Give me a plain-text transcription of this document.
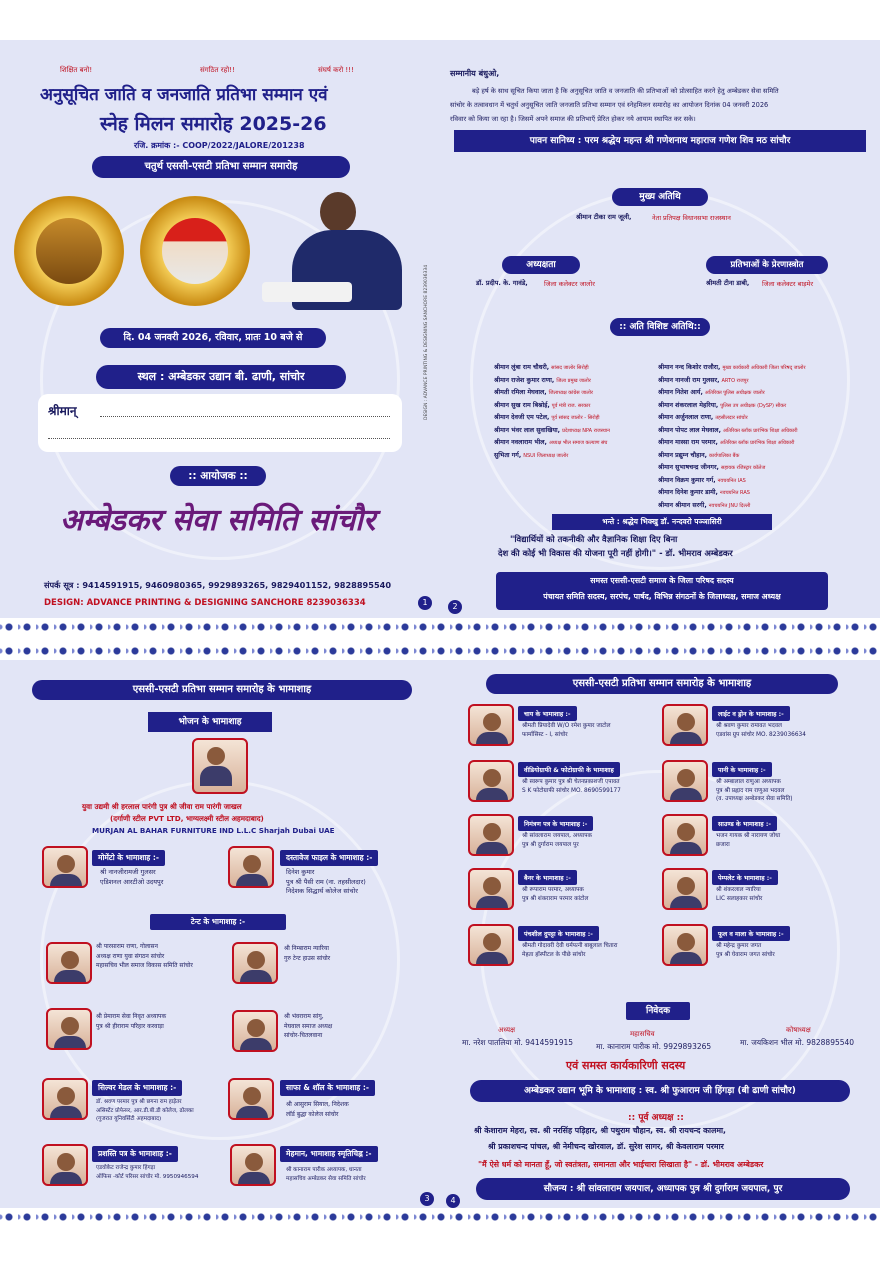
शिक्षित बनो!	संगठित रहो!!	संघर्ष करो !!!
अनुसूचित जाति व जनजाति प्रतिभा सम्मान एवं
स्नेह मिलन समारोह 2025-26
रजि. क्रमांक :- COOP/2022/JALORE/201238
चतुर्थ एससी-एसटी प्रतिभा सम्मान समारोह
दि. 04 जनवरी 2026, रविवार, प्रातः 10 बजे से
स्थल : अम्बेडकर उद्यान बी. ढाणी, सांचोर
श्रीमान्
:: आयोजक ::
अम्बेडकर सेवा समिति सांचौर
संपर्क सूत्र : 9414591915, 9460980365, 9929893265, 9829401152, 9828895540
DESIGN: ADVANCE PRINTING & DESIGNING SANCHORE 8239036334	1
DESIGN : ADVANCE PRINTING & DESIGNING SANCHORE 8239036334
सम्मानीय बंधुओ,
बड़े हर्ष के साथ सूचित किया जाता है कि अनुसूचित जाति व जनजाति की प्रतिभाओं को प्रोत्साहित करने हेतु अम्बेडकर सेवा समिति
सांचोर के तत्वावधान में चतुर्थ अनुसूचित जाति जनजाति प्रतिभा सम्मान एवं स्नेहमिलन समारोह का आयोजन दिनांक 04 जनवरी 2026
रविवार को किया जा रहा है। जिसमें अपने समाज की प्रतिभाएँ प्रेरित होकर नये आयाम स्थापित कर सके।
पावन सानिध्य : परम श्रद्धेय महन्त श्री गणेशनाथ महाराज गणेश शिव मठ सांचौर
मुख्य अतिथि
श्रीमान टीका राम जूली,	नेता प्रतिपक्ष विधानसभा राजस्थान
अध्यक्षता
डॉ. प्रदीप. के. गावंडे, जिला कलेक्टर जालोर
प्रतिभाओं के प्रेरणास्त्रोत
श्रीमती टीना डाबी, जिला कलेक्टर बाड़मेर
:: अति विशिष्ट अतिथि::
श्रीमान लुंबा राम चौधरी, सांसद जालोर सिरोही
श्रीमान राजेश कुमार राणा, जिला प्रमुख जालोर
श्रीमती रमिला मेघवाल, जिलाध्यक्ष कांग्रेस जालोर
श्रीमान सुख राम बिश्नोई, पूर्व मंत्री राज. सरकार
श्रीमान देवजी एम पटेल, पूर्व सांसद जालोर - सिरोही
श्रीमान भंवर लाल सुवाखिया, प्रदेशाध्यक्ष NPA राजस्थान
श्रीमान नवलाराम भील, अध्यक्ष भील समाज कल्याण संघ
सुभिता गर्ग, NSUI जिलाध्यक्ष जालोर
श्रीमान नन्द किशोर राजौरा, मुख्य कार्यकारी अधिकारी जिला परिषद् जालोर
श्रीमान नानजी राम गुलसर, ARTO राजपुर
श्रीमान नितेश आर्य, अतिरिक्त पुलिस अधीक्षक जालोर
श्रीमान शंकरलाल मेहरिया, पुलिस उप अधीक्षक (DySP) सीकर
श्रीमान अर्जुनलाल राणा, तहसीलदार सांचोर
श्रीमान पोपट लाल मेघवाल, अतिरिक्त ब्लॉक प्रारंभिक शिक्षा अधिकारी
श्रीमान मास्सा राम परमार, अतिरिक्त ब्लॉक प्रारंभिक शिक्षा अधिकारी
श्रीमान प्रद्युम्न चौहान, कार्यपालिका बैंक
श्रीमान सुभाषचन्द्र जीनगर, सहायक रजिस्ट्रार कॉलेज
श्रीमान विक्रम कुमार गर्ग, नवचयनित IAS
श्रीमान दिनेश कुमार डामी, नवचयनित RAS
श्रीमान श्रीमान सरगी, नवचयनित JNU दिल्ली
भन्ते : श्रद्धेय भिक्खु डॉ. नन्दवरो पञ्ञासिरी
"विद्यार्थियों को तकनीकी और वैज्ञानिक शिक्षा दिए बिना
देश की कोई भी विकास की योजना पूरी नहीं होगी।" - डॉ. भीमराव अम्बेडकर
समस्त एससी-एसटी समाज के जिला परिषद सदस्य
पंचायत समिति सदस्य, सरपंच, पार्षद, विभिन्न संगठनों के जिलाध्यक्ष, समाज अध्यक्ष
2
एससी-एसटी प्रतिभा सम्मान समारोह के भामाशाह
भोजन के भामाशाह
युवा उद्यमी श्री हरलाल पारंगी पुत्र श्री जीवा राम पारंगी जाखल
(दर्गाणी स्टील PVT LTD, भाग्यलक्ष्मी स्टील अहमदाबाद)
MURJAN AL BAHAR FURNITURE IND L.L.C Sharjah Dubai UAE
मोमेंटो के भामाशाह :-
श्री नानजीरामजी गुलसर
एडिशनल आरटीओ उदयपुर
दस्तावेज फाइल के भामाशाह :-
दिनेश कुमार
पुत्र श्री पैसी राम (ना. तहसीलदार)
निदेशक सिद्धार्थ कोलेज सांचोर
टेन्ट के भामाशाह :-
श्री पारसाराम राणा, गोलासन
अध्यक्ष राणा युवा संगठन सांचोर
महासचिव भील समाज विकास समिति सांचोर
श्री निम्बाराम न्यारिया
गुरु टेन्ट हाउस सांचोर
श्री प्रेमाराम सेवा निवृत अध्यापक
पुत्र श्री हीराराम परिहार करवाड़ा
श्री भंवराराम सांगु,
मेघवाल समाज अध्यक्ष
सांचोर-चितलवाना
सिल्वर मेडल के भामाशाह :-
डॉ. श्रवण परमार पुत्र श्री छगना राम हाड़ेतर
असिस्टेंट प्रोफेसर, आर.डी.बी.डी कोलेज, ढोलका
(गुजरात यूनिवर्सिटी अहमदाबाद)
साफा & शॉल के भामाशाह :-
श्री आसुराम सियाल, निदेशक
लॉर्ड बुद्धा कोलेज सांचोर
प्रशस्ति पत्र के भामाशाह :-
एडवोकेट राजेन्द्र कुमार हिंगड़ा
ऑफिस -कोर्ट परिसर सांचोर मो. 9950946594
मेहमान, भामाशाह स्मृतिचिह्न :-
श्री कानाराम पारीक अध्यापक, धानता
महासचिव अम्बेडकर सेवा समिति सांचोर
3
एससी-एसटी प्रतिभा सम्मान समारोह के भामाशाह
चाय के भामाशाह :-
श्रीमती प्रियादेवी W/O रमेश कुमार जाटोल
फार्मासिस्ट - I, सांचोर
वीडियोग्राफी & फोटोग्राफी के भामाशाह
श्री स्वरूप कुमार पुत्र श्री चेतनप्रकाशजी एपावत
S K फोटोग्राफी सांचोर MO. 8690599177
निमंत्रण पत्र के भामाशाह :-
श्री सांवलाराम जयपाल, अध्यापक
पुत्र श्री दुर्गाराम जयपाल पुर
बैनर के भामाशाह :-
श्री रूपाराम परमार, अध्यापक
पुत्र श्री शंकराराम परमार कांटोल
पंचशील दुपट्टा के भामाशाह :-
श्रीमती गोदावरी देवी धर्मपत्नी बाबूलाल चितारा
मेहता हॉस्पीटल के पीछे सांचोर
लाईट व ड्रोन के भामाशाह :-
श्री श्रवण कुमार रामावत भदवल
एडवांस ग्रुप सांचोर MO. 8239036634
पानी के भामाशाह :-
श्री अम्बालाल राणुआ अध्यापक
पुत्र श्री प्रह्लाद राम राणुआ भदवल
(व. उपाध्यक्ष अम्बेडकर सेवा समिति)
साउण्ड के भामाशाह :-
भजन गायक श्री नारायण जोधा
छजारा
पेम्पलेट के भामाशाह :-
श्री शंकरलाल न्यारिया
LIC सलाहकार सांचोर
फूल व माला के भामाशाह :-
श्री महेन्द्र कुमार जगत
पुत्र श्री घेवाराम जगत सांचोर
निवेदक
अध्यक्ष
मा. नरेश पातलिया मो. 9414591915
महासचिव
मा. कानाराम पारीक मो. 9929893265
कोषाध्यक्ष
मा. जयकिशन भील मो. 9828895540
एवं समस्त कार्यकारिणी सदस्य
अम्बेडकर उद्यान भूमि के भामाशाह : स्व. श्री फुआराम जी हिंगड़ा (बी ढाणी सांचौर)
:: पूर्व अध्यक्ष ::
श्री केशाराम मेहरा, स्व. श्री नरसिंह पड़िहार, श्री पथुराम चौहान, स्व. श्री रायचन्द कालमा,
श्री प्रकाशचन्द पांचल, श्री नेमीचन्द खोरवाल, डॉ. सुरेश सागर, श्री केवलाराम परमार
"मैं ऐसे धर्म को मानता हूँ, जो स्वतंत्रता, समानता और भाईचारा सिखाता है" - डॉ. भीमराव अम्बेडकर
सौजन्य : श्री सांवलाराम जयपाल, अध्यापक पुत्र श्री दुर्गाराम जयपाल, पुर
4
